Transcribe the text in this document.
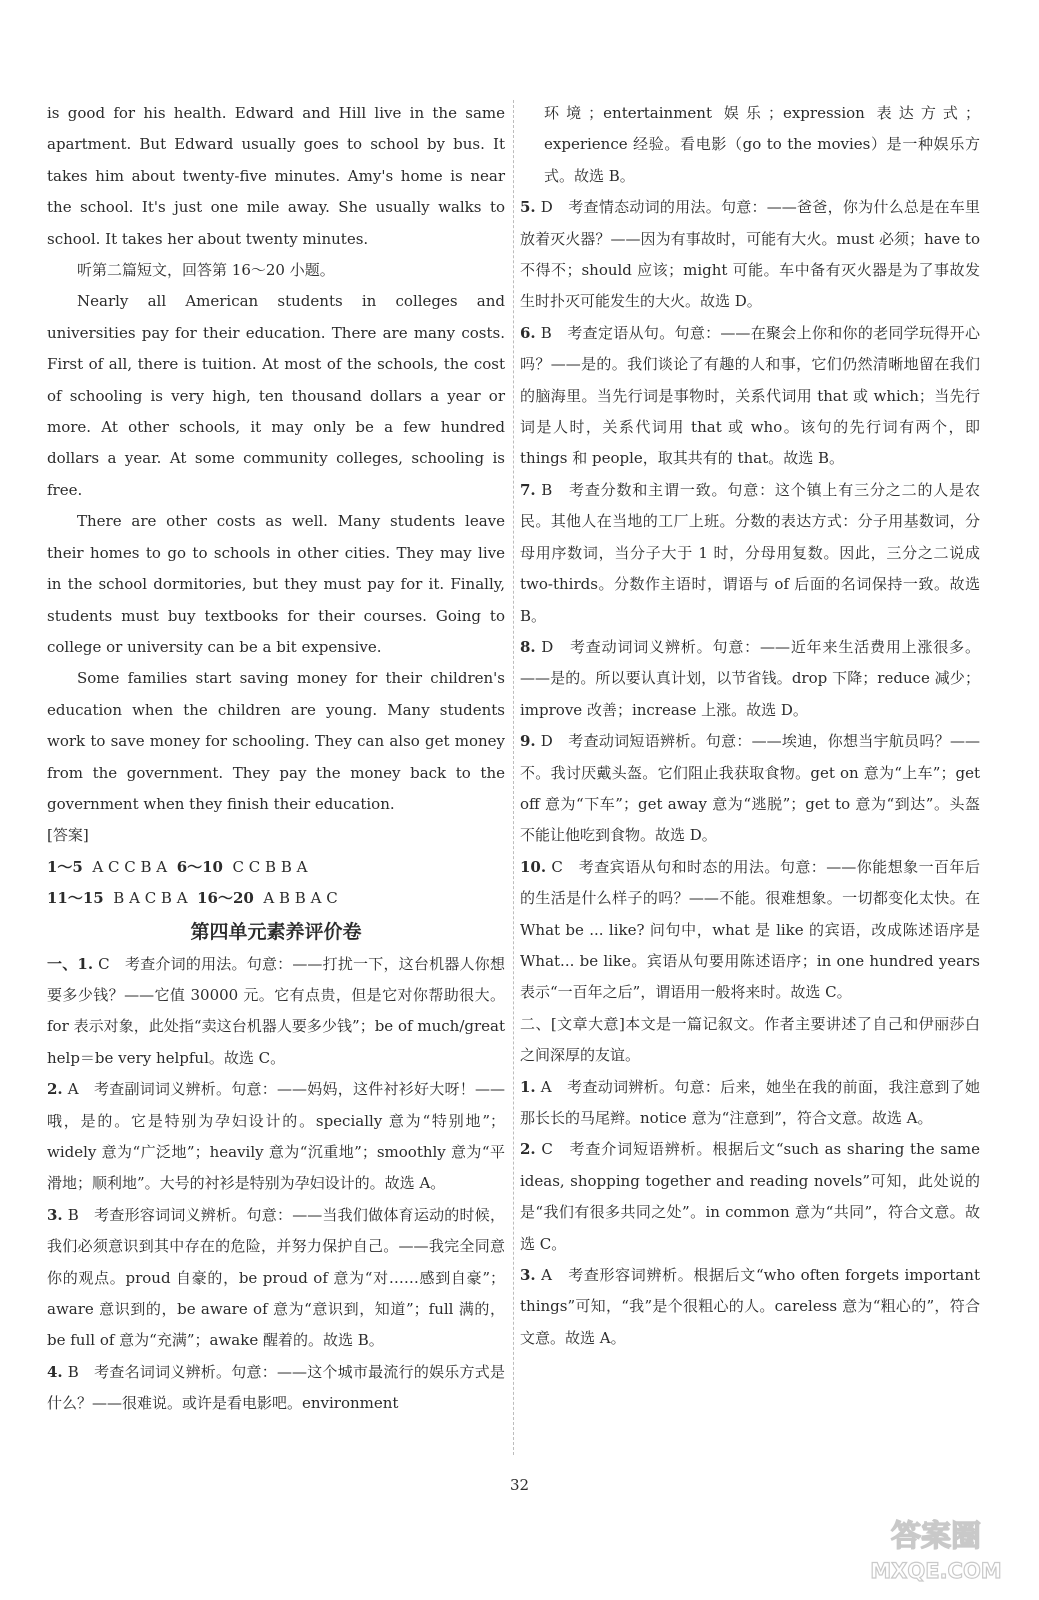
is good for his health. Edward and Hill live in the same apartment. But Edward usually goes to school by bus. It takes him about twenty-five minutes. Amy's home is near the school. It's just one mile away. She usually walks to school. It takes her about twenty minutes.

听第二篇短文，回答第 16～20 小题。

Nearly all American students in colleges and universities pay for their education. There are many costs. First of all, there is tuition. At most of the schools, the cost of schooling is very high, ten thousand dollars a year or more. At other schools, it may only be a few hundred dollars a year. At some community colleges, schooling is free.

There are other costs as well. Many students leave their homes to go to schools in other cities. They may live in the school dormitories, but they must pay for it. Finally, students must buy textbooks for their courses. Going to college or university can be a bit expensive.

Some families start saving money for their children's education when the children are young. Many students work to save money for schooling. They can also get money from the government. They pay the money back to the government when they finish their education.

[答案]

1～5 A C C B A 6～10 C C B B A

11～15 B A C B A 16～20 A B B A C

第四单元素养评价卷

一、1. C　考查介词的用法。句意：——打扰一下，这台机器人你想要多少钱？——它值 30000 元。它有点贵，但是它对你帮助很大。for 表示对象，此处指“卖这台机器人要多少钱”；be of much/great help＝be very helpful。故选 C。

2. A　考查副词词义辨析。句意：——妈妈，这件衬衫好大呀！——哦，是的。它是特别为孕妇设计的。specially 意为“特别地”；widely 意为“广泛地”；heavily 意为“沉重地”；smoothly 意为“平滑地；顺利地”。大号的衬衫是特别为孕妇设计的。故选 A。

3. B　考查形容词词义辨析。句意：——当我们做体育运动的时候，我们必须意识到其中存在的危险，并努力保护自己。——我完全同意你的观点。proud 自豪的，be proud of 意为“对……感到自豪”；aware 意识到的，be aware of 意为“意识到，知道”；full 满的，be full of 意为“充满”；awake 醒着的。故选 B。

4. B　考查名词词义辨析。句意：——这个城市最流行的娱乐方式是什么？——很难说。或许是看电影吧。environment

环境；entertainment 娱乐；expression 表达方式；experience 经验。看电影（go to the movies）是一种娱乐方式。故选 B。

5. D　考查情态动词的用法。句意：——爸爸，你为什么总是在车里放着灭火器？——因为有事故时，可能有大火。must 必须；have to 不得不；should 应该；might 可能。车中备有灭火器是为了事故发生时扑灭可能发生的大火。故选 D。

6. B　考查定语从句。句意：——在聚会上你和你的老同学玩得开心吗？——是的。我们谈论了有趣的人和事，它们仍然清晰地留在我们的脑海里。当先行词是事物时，关系代词用 that 或 which；当先行词是人时，关系代词用 that 或 who。该句的先行词有两个，即 things 和 people，取其共有的 that。故选 B。

7. B　考查分数和主谓一致。句意：这个镇上有三分之二的人是农民。其他人在当地的工厂上班。分数的表达方式：分子用基数词，分母用序数词，当分子大于 1 时，分母用复数。因此，三分之二说成 two-thirds。分数作主语时，谓语与 of 后面的名词保持一致。故选 B。

8. D　考查动词词义辨析。句意：——近年来生活费用上涨很多。——是的。所以要认真计划，以节省钱。drop 下降；reduce 减少；improve 改善；increase 上涨。故选 D。

9. D　考查动词短语辨析。句意：——埃迪，你想当宇航员吗？——不。我讨厌戴头盔。它们阻止我获取食物。get on 意为“上车”；get off 意为“下车”；get away 意为“逃脱”；get to 意为“到达”。头盔不能让他吃到食物。故选 D。

10. C　考查宾语从句和时态的用法。句意：——你能想象一百年后的生活是什么样子的吗？——不能。很难想象。一切都变化太快。在 What be ... like? 问句中，what 是 like 的宾语，改成陈述语序是 What... be like。宾语从句要用陈述语序；in one hundred years 表示“一百年之后”，谓语用一般将来时。故选 C。

二、[文章大意]本文是一篇记叙文。作者主要讲述了自己和伊丽莎白之间深厚的友谊。

1. A　考查动词辨析。句意：后来，她坐在我的前面，我注意到了她那长长的马尾辫。notice 意为“注意到”，符合文意。故选 A。

2. C　考查介词短语辨析。根据后文“such as sharing the same ideas, shopping together and reading novels”可知，此处说的是“我们有很多共同之处”。in common 意为“共同”，符合文意。故选 C。

3. A　考查形容词辨析。根据后文“who often forgets important things”可知，“我”是个很粗心的人。careless 意为“粗心的”，符合文意。故选 A。

32
答案圈
MXQE.COM
